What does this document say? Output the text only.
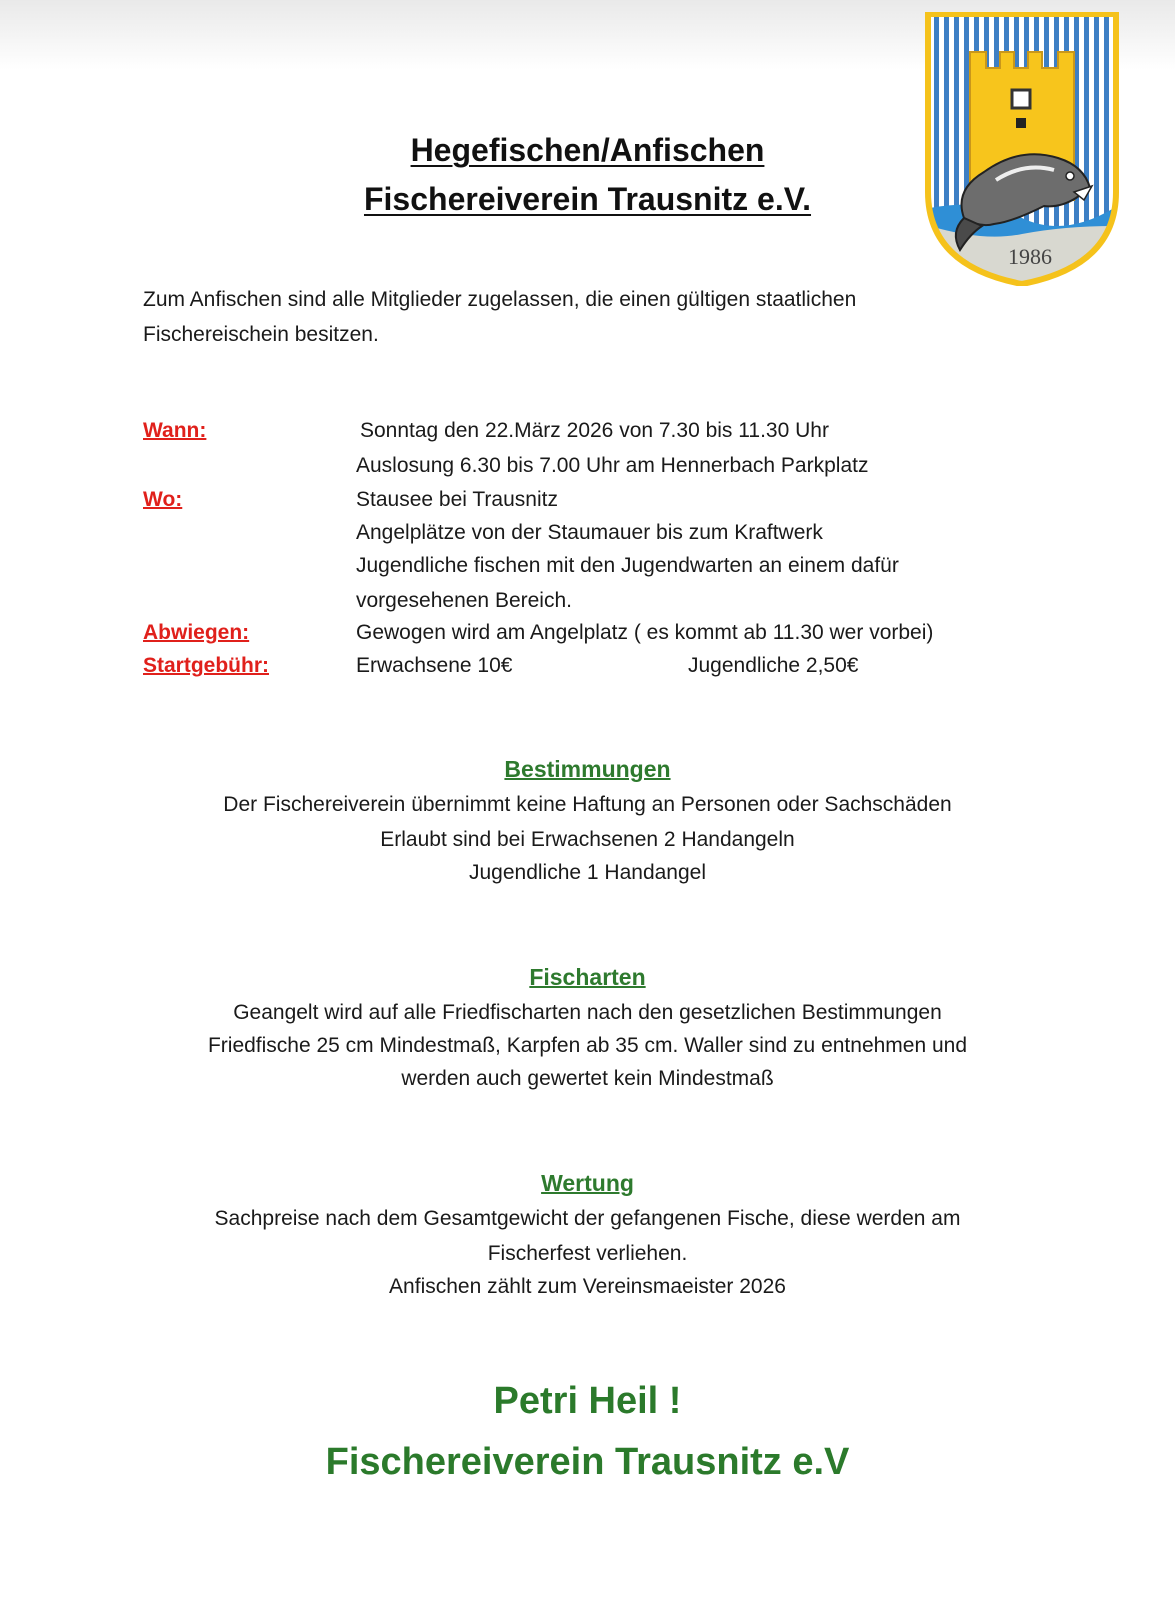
1986
Hegefischen/Anfischen
Fischereiverein Trausnitz e.V.
Zum Anfischen sind alle Mitglieder zugelassen, die einen gültigen staatlichen Fischereischein besitzen.
Wann:	Sonntag den 22.März 2026 von 7.30 bis 11.30 Uhr
Auslosung 6.30 bis 7.00 Uhr am Hennerbach Parkplatz
Wo:	Stausee bei Trausnitz
Angelplätze von der Staumauer bis zum Kraftwerk
Jugendliche fischen mit den Jugendwarten an einem dafür
vorgesehenen Bereich.
Abwiegen:	Gewogen wird am Angelplatz ( es kommt ab 11.30 wer vorbei)
Startgebühr:	Erwachsene 10€	Jugendliche 2,50€
Bestimmungen
Der Fischereiverein übernimmt keine Haftung an Personen oder Sachschäden
Erlaubt sind bei Erwachsenen 2 Handangeln
Jugendliche 1 Handangel
Fischarten
Geangelt wird auf alle Friedfischarten nach den gesetzlichen Bestimmungen
Friedfische 25 cm Mindestmaß, Karpfen ab 35 cm. Waller sind zu entnehmen und
werden auch gewertet kein Mindestmaß
Wertung
Sachpreise nach dem Gesamtgewicht der gefangenen Fische, diese werden am
Fischerfest verliehen.
Anfischen zählt zum Vereinsmaeister 2026
Petri Heil !
Fischereiverein Trausnitz e.V
